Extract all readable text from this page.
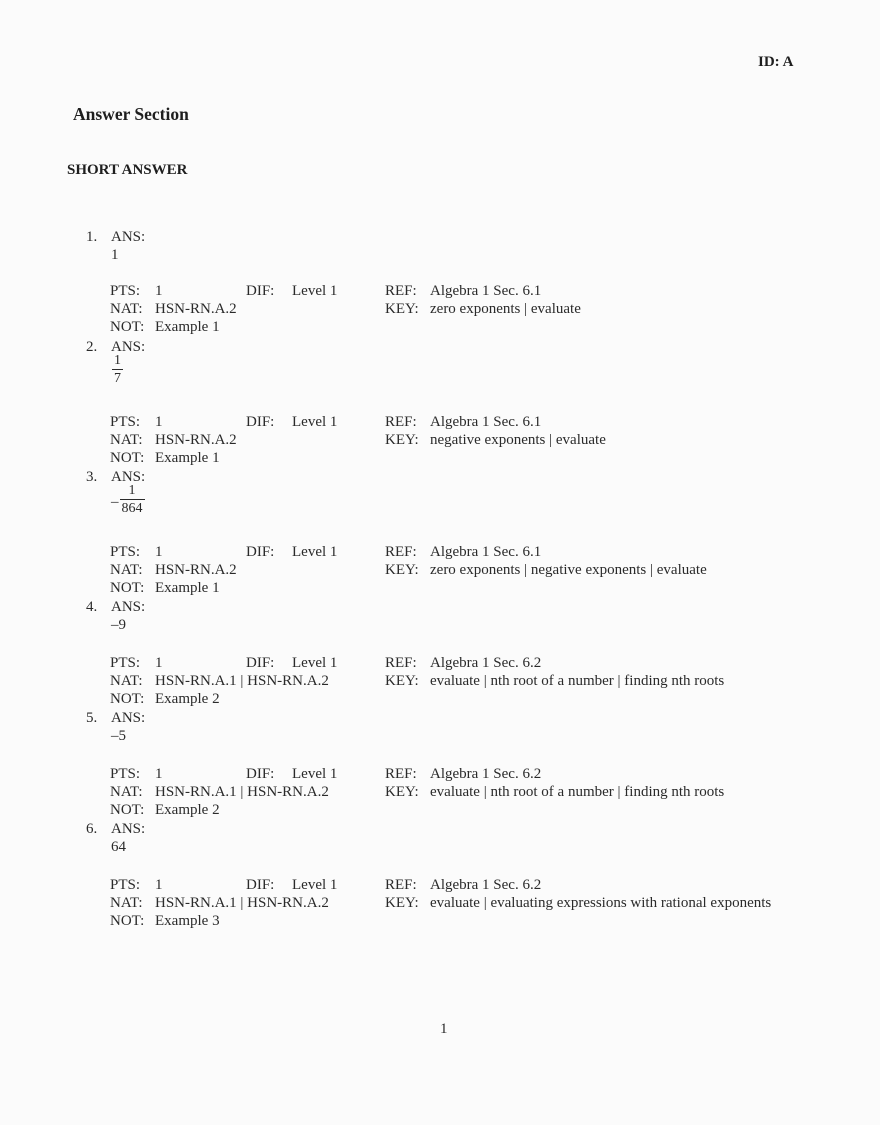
ID: A
Answer Section
SHORT ANSWER
1. ANS:
1
PTS: 1	DIF: Level 1	REF: Algebra 1 Sec. 6.1
NAT: HSN-RN.A.2	KEY: zero exponents | evaluate
NOT: Example 1
2. ANS:
$\frac{1}{7}$
PTS: 1	DIF: Level 1	REF: Algebra 1 Sec. 6.1
NAT: HSN-RN.A.2	KEY: negative exponents | evaluate
NOT: Example 1
3. ANS:
– $\frac{1}{864}$
PTS: 1	DIF: Level 1	REF: Algebra 1 Sec. 6.1
NAT: HSN-RN.A.2	KEY: zero exponents | negative exponents | evaluate
NOT: Example 1
4. ANS:
–9
PTS: 1	DIF: Level 1	REF: Algebra 1 Sec. 6.2
NAT: HSN-RN.A.1 | HSN-RN.A.2	KEY: evaluate | nth root of a number | finding nth roots
NOT: Example 2
5. ANS:
–5
PTS: 1	DIF: Level 1	REF: Algebra 1 Sec. 6.2
NAT: HSN-RN.A.1 | HSN-RN.A.2	KEY: evaluate | nth root of a number | finding nth roots
NOT: Example 2
6. ANS:
64
PTS: 1	DIF: Level 1	REF: Algebra 1 Sec. 6.2
NAT: HSN-RN.A.1 | HSN-RN.A.2	KEY: evaluate | evaluating expressions with rational exponents
NOT: Example 3
1
